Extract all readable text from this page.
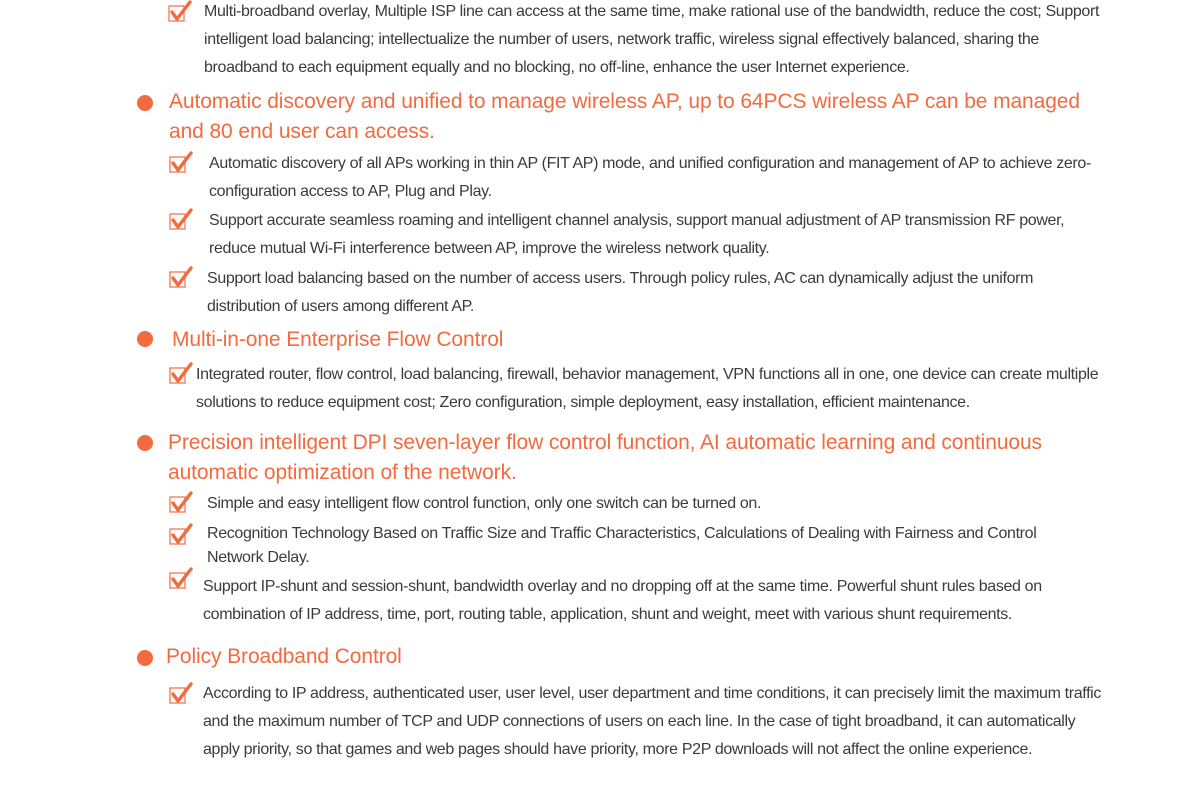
Multi-broadband overlay, Multiple ISP line can access at the same time, make rational use of the bandwidth, reduce the cost; Support intelligent load balancing; intellectualize the number of users, network traffic, wireless signal effectively balanced, sharing the broadband to each equipment equally and no blocking, no off-line, enhance the user Internet experience.

Automatic discovery and unified to manage wireless AP, up to 64PCS wireless AP can be managed and 80 end user can access.

Automatic discovery of all APs working in thin AP (FIT AP) mode, and unified configuration and management of AP to achieve zero-configuration access to AP, Plug and Play.

Support accurate seamless roaming and intelligent channel analysis, support manual adjustment of AP transmission RF power, reduce mutual Wi-Fi interference between AP, improve the wireless network quality.

Support load balancing based on the number of access users. Through policy rules, AC can dynamically adjust the uniform distribution of users among different AP.

Multi-in-one Enterprise Flow Control

Integrated router, flow control, load balancing, firewall, behavior management, VPN functions all in one, one device can create multiple solutions to reduce equipment cost; Zero configuration, simple deployment, easy installation, efficient maintenance.

Precision intelligent DPI seven-layer flow control function, AI automatic learning and continuous automatic optimization of the network.

Simple and easy intelligent flow control function, only one switch can be turned on.

Recognition Technology Based on Traffic Size and Traffic Characteristics, Calculations of Dealing with Fairness and Control Network Delay.

Support IP-shunt and session-shunt, bandwidth overlay and no dropping off at the same time. Powerful shunt rules based on combination of IP address, time, port, routing table, application, shunt and weight, meet with various shunt requirements.

Policy Broadband Control

According to IP address, authenticated user, user level, user department and time conditions, it can precisely limit the maximum traffic and the maximum number of TCP and UDP connections of users on each line. In the case of tight broadband, it can automatically apply priority, so that games and web pages should have priority, more P2P downloads will not affect the online experience.
